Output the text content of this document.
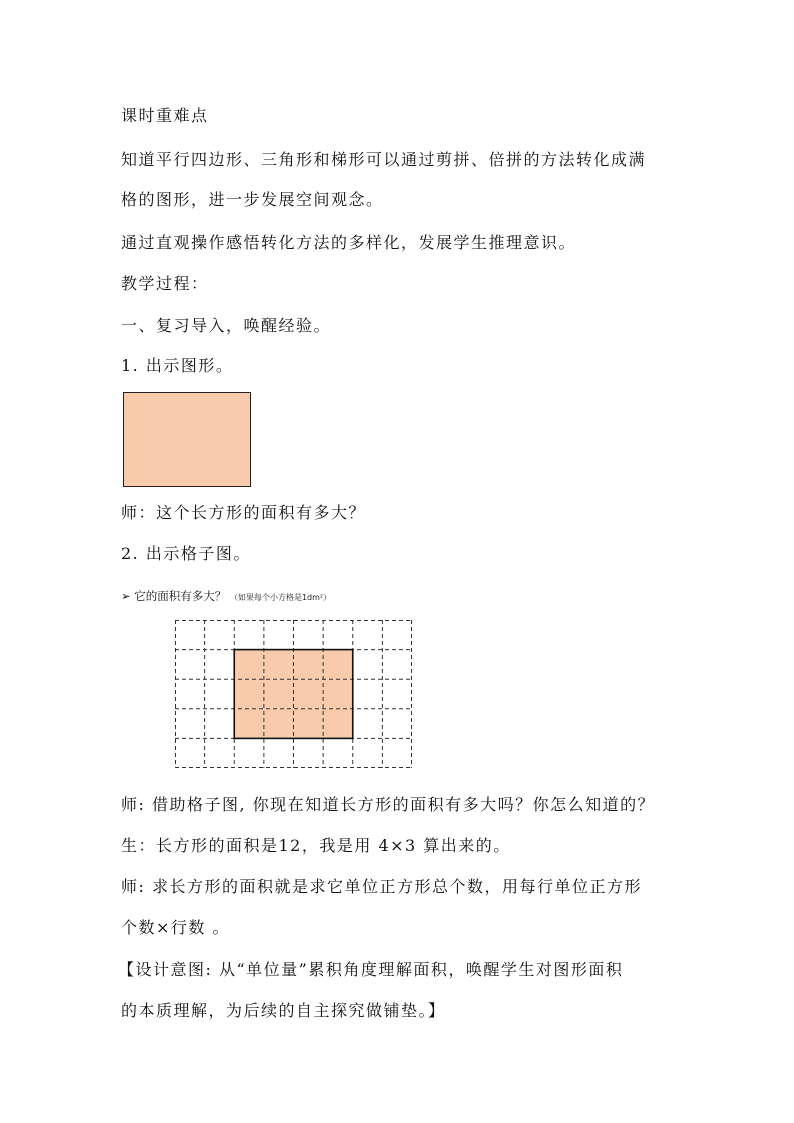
课时重难点
知道平行四边形、三角形和梯形可以通过剪拼、倍拼的方法转化成满
格的图形，进一步发展空间观念。
通过直观操作感悟转化方法的多样化，发展学生推理意识。
教学过程：
一、复习导入，唤醒经验。
1. 出示图形。
师：这个长方形的面积有多大？
2. 出示格子图。
➢ 它的面积有多大？ （如果每个小方格是1dm²）
师: 借助格子图, 你现在知道长方形的面积有多大吗？你怎么知道的？
生：长方形的面积是12，我是用 4×3 算出来的。
师: 求长方形的面积就是求它单位正方形总个数，用每行单位正方形
个数×行数 。
【设计意图: 从“单位量”累积角度理解面积，唤醒学生对图形面积
的本质理解，为后续的自主探究做铺垫。】
